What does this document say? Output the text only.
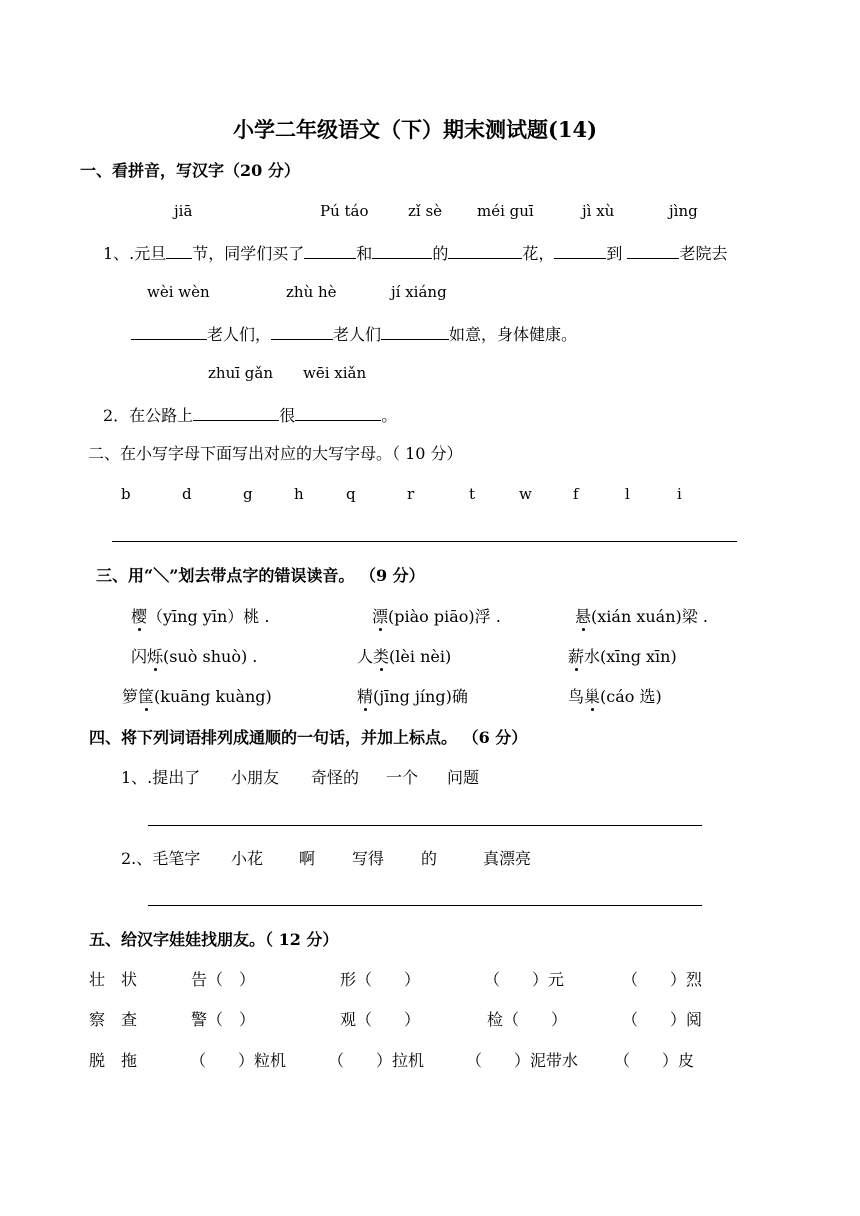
小学二年级语文（下）期末测试题(14)
一、看拼音，写汉字（20 分）
jiā	Pú táo	zǐ sè méi guī	jì xù	jìng
1、.元旦 节，同学们买了	和	的	花，	到	老院去
wèi wèn	zhù hè	jí xiáng
老人们，	老人们	如意，身体健康。
zhuī gǎn wēi xiǎn
2．在公路上	很	。
二、在小写字母下面写出对应的大写字母。（ 10 分）
b	d	g	h	q	r	t	w	f	l	i
三、用“＼”划去带点字的错误读音。 （9 分）
樱（yīng yīn）桃 .	漂(piào piāo)浮 .	悬(xián xuán)梁 .
闪烁(suò shuò) .	人类(lèi nèi)	薪水(xīng xīn)
箩筐(kuāng kuàng)	精(jīng jíng)确	鸟巢(cáo 选)
四、将下列词语排列成通顺的一句话，并加上标点。 （6 分）
1、.提出了 小朋友 奇怪的 一个 问题
2.、毛笔字 小花 啊 写得 的	真漂亮
五、给汉字娃娃找朋友。（ 12 分）
壮 状	告（　）	形（　　）	（　　）元	（　　）烈
察 查	警（　）	观（　　）	检（　　）	（　　）阅
脱 拖	（　　）粒机	（　　）拉机	（　　）泥带水 （　　）皮
